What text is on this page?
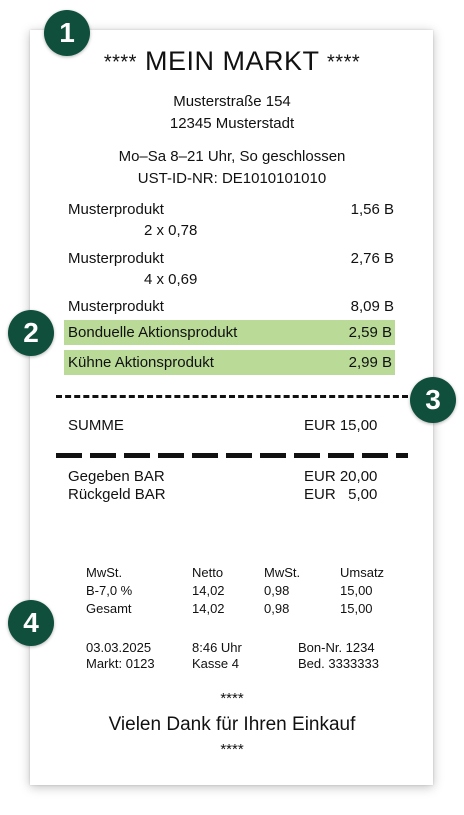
**** MEIN MARKT ****
Musterstraße 154
12345 Musterstadt
Mo–Sa 8–21 Uhr, So geschlossen
UST-ID-NR: DE1010101010
Musterprodukt	1,56 B
2 x 0,78
Musterprodukt	2,76 B
4 x 0,69
Musterprodukt	8,09 B
Bonduelle Aktionsprodukt	2,59 B
Kühne Aktionsprodukt	2,99 B
SUMME	EUR 15,00
Gegeben BAR	EUR 20,00
Rückgeld BAR	EUR   5,00
MwSt.	Netto	MwSt.	Umsatz
B-7,0 %	14,02	0,98	15,00
Gesamt	14,02	0,98	15,00
03.03.2025	8:46 Uhr	Bon-Nr. 1234
Markt: 0123	Kasse 4	Bed. 3333333
****
Vielen Dank für Ihren Einkauf
****
1
2
3
4
